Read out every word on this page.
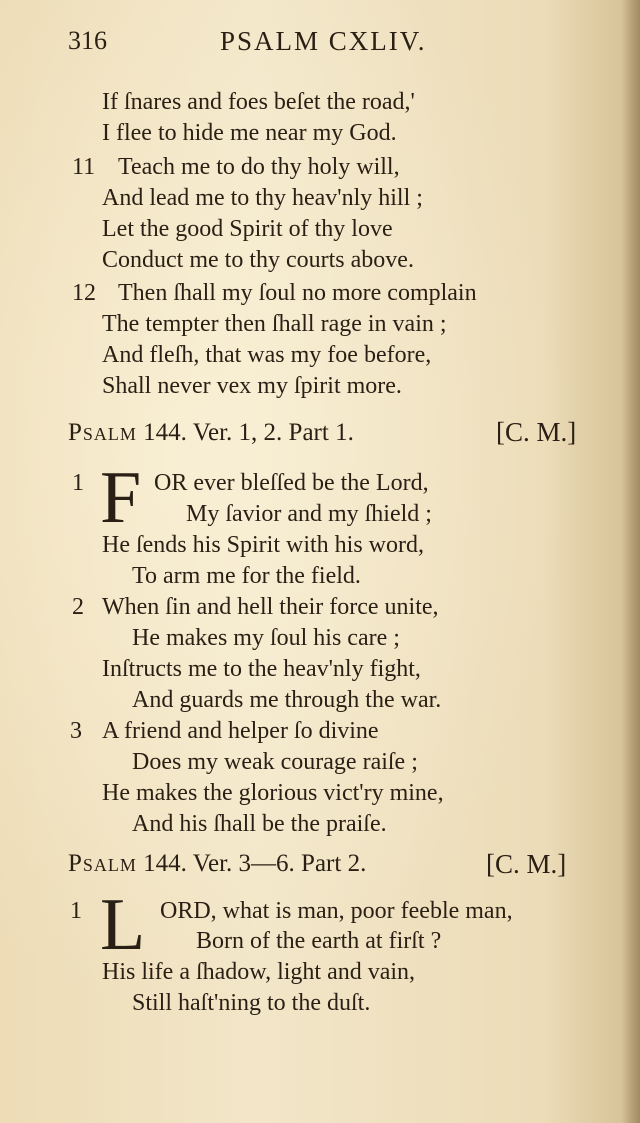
316	PSALM CXLIV.
If ſnares and foes beſet the road,'
I flee to hide me near my God.
11 Teach me to do thy holy will,
And lead me to thy heav'nly hill ;
Let the good Spirit of thy love
Conduct me to thy courts above.
12 Then ſhall my ſoul no more complain
The tempter then ſhall rage in vain ;
And fleſh, that was my foe before,
Shall never vex my ſpirit more.
Psalm 144. Ver. 1, 2. Part 1.	[C. M.]
1 F OR ever bleſſed be the Lord,
My ſavior and my ſhield ;
He ſends his Spirit with his word,
To arm me for the field.
2 When ſin and hell their force unite,
He makes my ſoul his care ;
Inſtructs me to the heav'nly fight,
And guards me through the war.
3 A friend and helper ſo divine
Does my weak courage raiſe ;
He makes the glorious vict'ry mine,
And his ſhall be the praiſe.
Psalm 144. Ver. 3—6. Part 2.	[C. M.]
1 L ORD, what is man, poor feeble man,
Born of the earth at firſt ?
His life a ſhadow, light and vain,
Still haſt'ning to the duſt.
